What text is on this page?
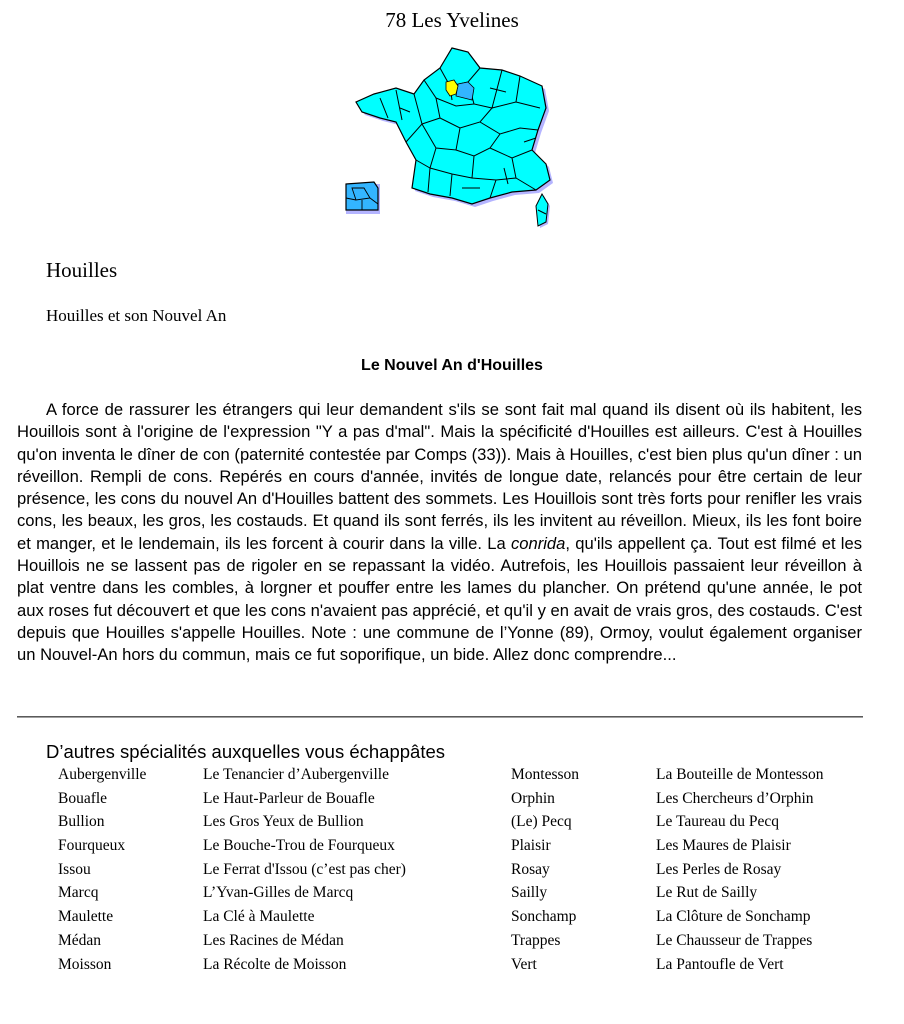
78 Les Yvelines
Houilles
Houilles et son Nouvel An
Le Nouvel An d'Houilles

A force de rassurer les étrangers qui leur demandent s'ils se sont fait mal quand ils disent où ils habitent, les Houillois sont à l'origine de l'expression "Y a pas d'mal". Mais la spécificité d'Houilles est ailleurs. C'est à Houilles qu'on inventa le dîner de con (paternité contestée par Comps (33)). Mais à Houilles, c'est bien plus qu'un dîner : un réveillon. Rempli de cons. Repérés en cours d'année, invités de longue date, relancés pour être certain de leur présence, les cons du nouvel An d'Houilles battent des sommets. Les Houillois sont très forts pour renifler les vrais cons, les beaux, les gros, les costauds. Et quand ils sont ferrés, ils les invitent au réveillon. Mieux, ils les font boire et manger, et le lendemain, ils les forcent à courir dans la ville. La conrida, qu'ils appellent ça. Tout est filmé et les Houillois ne se lassent pas de rigoler en se repassant la vidéo. Autrefois, les Houillois passaient leur réveillon à plat ventre dans les combles, à lorgner et pouffer entre les lames du plancher. On prétend qu'une année, le pot aux roses fut découvert et que les cons n'avaient pas apprécié, et qu'il y en avait de vrais gros, des costauds. C'est depuis que Houilles s'appelle Houilles. Note : une commune de l’Yonne (89), Ormoy, voulut également organiser un Nouvel-An hors du commun, mais ce fut soporifique, un bide. Allez donc comprendre...

D’autres spécialités auxquelles vous échappâtes
Aubergenville	Le Tenancier d’Aubergenville
Bouafle	Le Haut-Parleur de Bouafle
Bullion	Les Gros Yeux de Bullion
Fourqueux	Le Bouche-Trou de Fourqueux
Issou	Le Ferrat d'Issou (c’est pas cher)
Marcq	L’Yvan-Gilles de Marcq
Maulette	La Clé à Maulette
Médan	Les Racines de Médan
Moisson	La Récolte de Moisson
Montesson	La Bouteille de Montesson
Orphin	Les Chercheurs d’Orphin
(Le) Pecq	Le Taureau du Pecq
Plaisir	Les Maures de Plaisir
Rosay	Les Perles de Rosay
Sailly	Le Rut de Sailly
Sonchamp	La Clôture de Sonchamp
Trappes	Le Chausseur de Trappes
Vert	La Pantoufle de Vert
